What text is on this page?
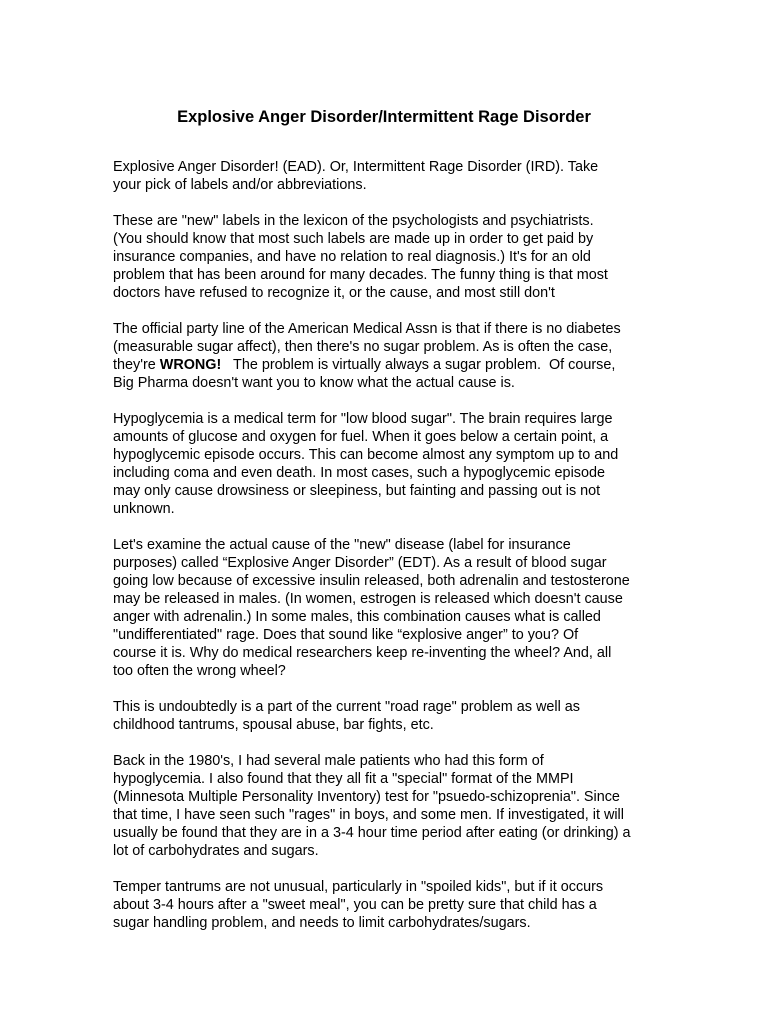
Explosive Anger Disorder/Intermittent Rage Disorder

Explosive Anger Disorder! (EAD). Or, Intermittent Rage Disorder (IRD). Take
your pick of labels and/or abbreviations.

These are "new" labels in the lexicon of the psychologists and psychiatrists.
(You should know that most such labels are made up in order to get paid by
insurance companies, and have no relation to real diagnosis.) It's for an old
problem that has been around for many decades. The funny thing is that most
doctors have refused to recognize it, or the cause, and most still don't

The official party line of the American Medical Assn is that if there is no diabetes
(measurable sugar affect), then there's no sugar problem. As is often the case,
they're WRONG!   The problem is virtually always a sugar problem.  Of course,
Big Pharma doesn't want you to know what the actual cause is.

Hypoglycemia is a medical term for "low blood sugar". The brain requires large
amounts of glucose and oxygen for fuel. When it goes below a certain point, a
hypoglycemic episode occurs. This can become almost any symptom up to and
including coma and even death. In most cases, such a hypoglycemic episode
may only cause drowsiness or sleepiness, but fainting and passing out is not
unknown.

Let's examine the actual cause of the "new" disease (label for insurance
purposes) called “Explosive Anger Disorder” (EDT). As a result of blood sugar
going low because of excessive insulin released, both adrenalin and testosterone
may be released in males. (In women, estrogen is released which doesn't cause
anger with adrenalin.) In some males, this combination causes what is called
"undifferentiated" rage. Does that sound like “explosive anger” to you? Of
course it is. Why do medical researchers keep re-inventing the wheel? And, all
too often the wrong wheel?

This is undoubtedly is a part of the current "road rage" problem as well as
childhood tantrums, spousal abuse, bar fights, etc.

Back in the 1980's, I had several male patients who had this form of
hypoglycemia. I also found that they all fit a "special" format of the MMPI
(Minnesota Multiple Personality Inventory) test for "psuedo-schizoprenia". Since
that time, I have seen such "rages" in boys, and some men. If investigated, it will
usually be found that they are in a 3-4 hour time period after eating (or drinking) a
lot of carbohydrates and sugars.

Temper tantrums are not unusual, particularly in "spoiled kids", but if it occurs
about 3-4 hours after a "sweet meal", you can be pretty sure that child has a
sugar handling problem, and needs to limit carbohydrates/sugars.
